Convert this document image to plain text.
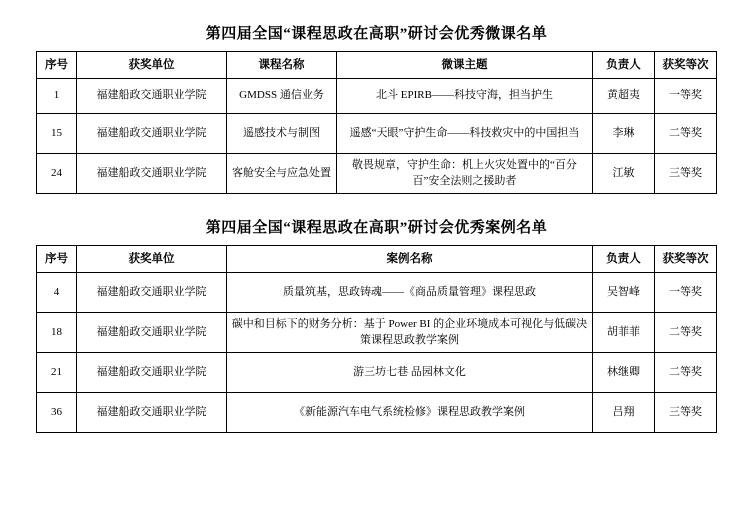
第四届全国“课程思政在高职”研讨会优秀微课名单
序号	获奖单位	课程名称	微课主题	负责人	获奖等次
1	福建船政交通职业学院	GMDSS 通信业务	北斗 EPIRB——科技守海，担当护生	黄超夷	一等奖
15	福建船政交通职业学院	遥感技术与制图	遥感“天眼”守护生命——科技救灾中的中国担当	李琳	二等奖
24	福建船政交通职业学院	客舱安全与应急处置	敬畏规章，守护生命：机上火灾处置中的“百分百”安全法则之援助者	江敏	三等奖
第四届全国“课程思政在高职”研讨会优秀案例名单
序号	获奖单位	案例名称	负责人	获奖等次
4	福建船政交通职业学院	质量筑基，思政铸魂——《商品质量管理》课程思政	吴智峰	一等奖
18	福建船政交通职业学院	碳中和目标下的财务分析：基于 Power BI 的企业环境成本可视化与低碳决策课程思政教学案例	胡菲菲	二等奖
21	福建船政交通职业学院	游三坊七巷 品园林文化	林继卿	二等奖
36	福建船政交通职业学院	《新能源汽车电气系统检修》课程思政教学案例	吕翔	三等奖
